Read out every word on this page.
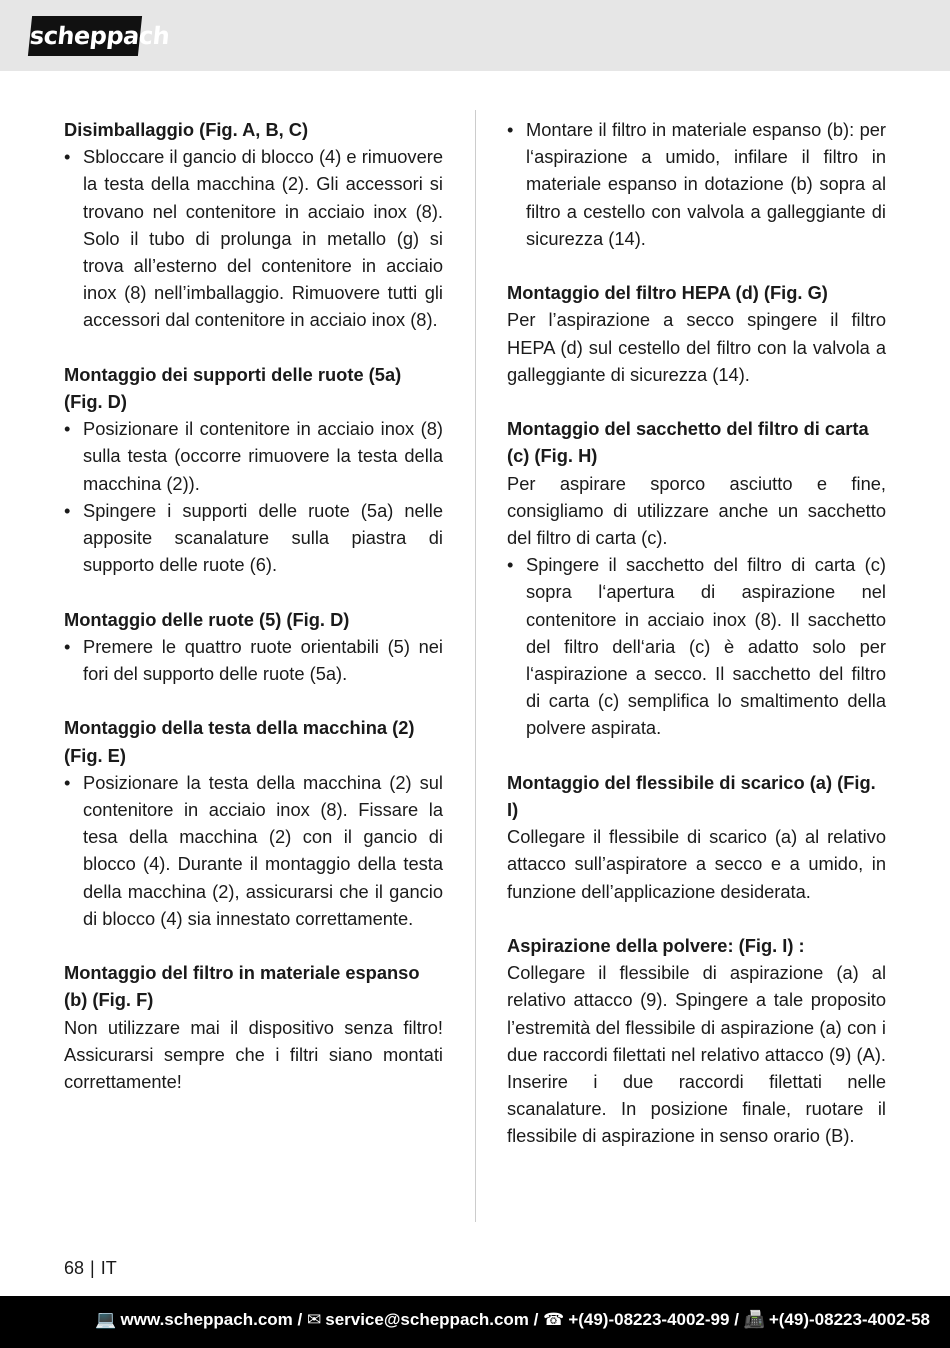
scheppach
Disimballaggio (Fig. A, B, C)
• Sbloccare il gancio di blocco (4) e rimuovere la testa della macchina (2). Gli accessori si trovano nel contenitore in acciaio inox (8). Solo il tubo di prolunga in metallo (g) si trova all’esterno del contenitore in acciaio inox (8) nell’imballaggio. Rimuovere tutti gli accessori dal contenitore in acciaio inox (8).
Montaggio dei supporti delle ruote (5a) (Fig. D)
• Posizionare il contenitore in acciaio inox (8) sulla testa (occorre rimuovere la testa della macchina (2)).
• Spingere i supporti delle ruote (5a) nelle apposite scanalature sulla piastra di supporto delle ruote (6).
Montaggio delle ruote (5) (Fig. D)
• Premere le quattro ruote orientabili (5) nei fori del supporto delle ruote (5a).
Montaggio della testa della macchina (2) (Fig. E)
• Posizionare la testa della macchina (2) sul contenitore in acciaio inox (8). Fissare la tesa della macchina (2) con il gancio di blocco (4). Durante il montaggio della testa della macchina (2), assicurarsi che il gancio di blocco (4) sia innestato correttamente.
Montaggio del filtro in materiale espanso (b) (Fig. F)

Non utilizzare mai il dispositivo senza filtro! Assicurarsi sempre che i filtri siano montati correttamente!

• Montare il filtro in materiale espanso (b): per l‘aspirazione a umido, infilare il filtro in materiale espanso in dotazione (b) sopra al filtro a cestello con valvola a galleggiante di sicurezza (14).
Montaggio del filtro HEPA (d) (Fig. G)

Per l’aspirazione a secco spingere il filtro HEPA (d) sul cestello del filtro con la valvola a galleggiante di sicurezza (14).

Montaggio del sacchetto del filtro di carta (c) (Fig. H)

Per aspirare sporco asciutto e fine, consigliamo di utilizzare anche un sacchetto del filtro di carta (c).

• Spingere il sacchetto del filtro di carta (c) sopra l‘apertura di aspirazione nel contenitore in acciaio inox (8). Il sacchetto del filtro dell‘aria (c) è adatto solo per l‘aspirazione a secco. Il sacchetto del filtro di carta (c) semplifica lo smaltimento della polvere aspirata.
Montaggio del flessibile di scarico (a) (Fig. I)

Collegare il flessibile di scarico (a) al relativo attacco sull’aspiratore a secco e a umido, in funzione dell’applicazione desiderata.

Aspirazione della polvere: (Fig. I) :

Collegare il flessibile di aspirazione (a) al relativo attacco (9). Spingere a tale proposito l’estremità del flessibile di aspirazione (a) con i due raccordi filettati nel relativo attacco (9) (A). Inserire i due raccordi filettati nelle scanalature. In posizione finale, ruotare il flessibile di aspirazione in senso orario (B).

68 | IT
💻 www.scheppach.com / ✉ service@scheppach.com / ☎ +(49)-08223-4002-99 / 📠 +(49)-08223-4002-58
